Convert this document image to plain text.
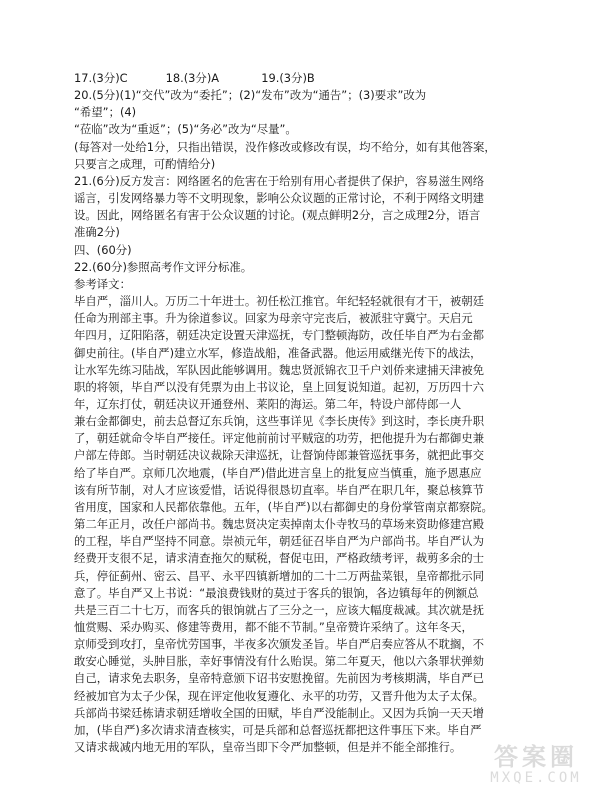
17.(3分)C	18.(3分)A	19.(3分)B
20.(5分)(1)“交代”改为“委托”；(2)“发布”改为“通告”；(3)要求”改为
“希望”；(4)
“莅临”改为“重返”；(5)“务必”改为“尽量”。
(每答对一处给1分，只指出错误，没作修改或修改有误，均不给分，如有其他答案，
只要言之成理，可酌情给分)
21.(6分)反方发言：网络匿名的危害在于给别有用心者提供了保护，容易滋生网络
谣言，引发网络暴力等不文明现象，影响公众议题的正常讨论，不利于网络文明建
设。因此，网络匿名有害于公众议题的讨论。(观点鲜明2分，言之成理2分，语言
准确2分)
四、(60分)
22.(60分)参照高考作文评分标准。
参考译文：
毕自严，淄川人。万历二十年进士。初任松江推官。年纪轻轻就很有才干，被朝廷
任命为刑部主事。升为徐道参议。回家为母亲守完丧后，被派驻守冀宁。天启元
年四月，辽阳陷落，朝廷决定设置天津巡抚，专门整顿海防，改任毕自严为右金都
御史前往。(毕自严)建立水军，修造战船，准备武器。他运用威继光传下的战法，
让水军先练习陆战，军队因此能够调用。魏忠贤派锦衣卫千户刘侨来逮捕天津被免
职的将领，毕自严以没有凭票为由上书议论，皇上回复说知道。起初，万历四十六
年，辽东打仗，朝廷决议开通登州、莱阳的海运。第二年，特设户部侍郎一人
兼右金都御史，前去总督辽东兵饷，这些事详见《李长庚传》到这时，李长庚升职
了，朝廷就命令毕自严接任。评定他前前讨平贼寇的功劳，把他提升为右都御史兼
户部左侍郎。当时朝廷决议裁除天津巡抚，让督饷侍郎兼管巡抚事务，就把此事交
给了毕自严。京师几次地震，(毕自严)借此进言皇上的批复应当慎重，施予恩惠应
该有所节制，对人才应该爱惜，话说得很恳切直率。毕自严在职几年，聚总核算节
省用度，国家和人民都依靠他。五年，(毕自严)以右都御史的身份掌管南京都察院。
第二年正月，改任户部尚书。魏忠贤决定卖掉南太仆寺牧马的草场来资助修建宫殿
的工程，毕自严坚持不同意。崇祯元年，朝廷征召毕自严为户部尚书。毕自严认为
经费开支很不足，请求清查拖欠的赋税，督促屯田，严格政绩考评，裁剪多余的士
兵，停征蓟州、密云、昌平、永平四镇新增加的二十二万两盐菜银，皇帝都批示同
意了。毕自严又上书说：“最浪费钱财的莫过于客兵的银饷，各边镇每年的例额总
共是三百二十七万，而客兵的银饷就占了三分之一，应该大幅度裁减。其次就是抚
恤赏赐、采办购买、修建等费用，都不能不节制。”皇帝赞许采纳了。这年冬天，
京师受到攻打，皇帝忧劳国事，半夜多次颁发圣旨。毕自严启奏应答从不耽搁，不
敢安心睡觉，头肿目胀，幸好事情没有什么贻误。第二年夏天，他以六条罪状弹劾
自己，请求免去职务，皇帝特意颁下诏书安慰挽留。先前因为考核期满，毕自严已
经被加官为太子少保，现在评定他收复遵化、永平的功劳，又晋升他为太子太保。
兵部尚书梁廷栋请求朝廷增收全国的田赋，毕自严没能制止。又因为兵饷一天天增
加，(毕自严)多次请求清查核实，可是兵部和总督巡抚都把这件事压下来。毕自严
又请求裁减内地无用的军队，皇帝当即下令严加整顿，但是并不能全部推行。	答案圈
MXQE.COM
